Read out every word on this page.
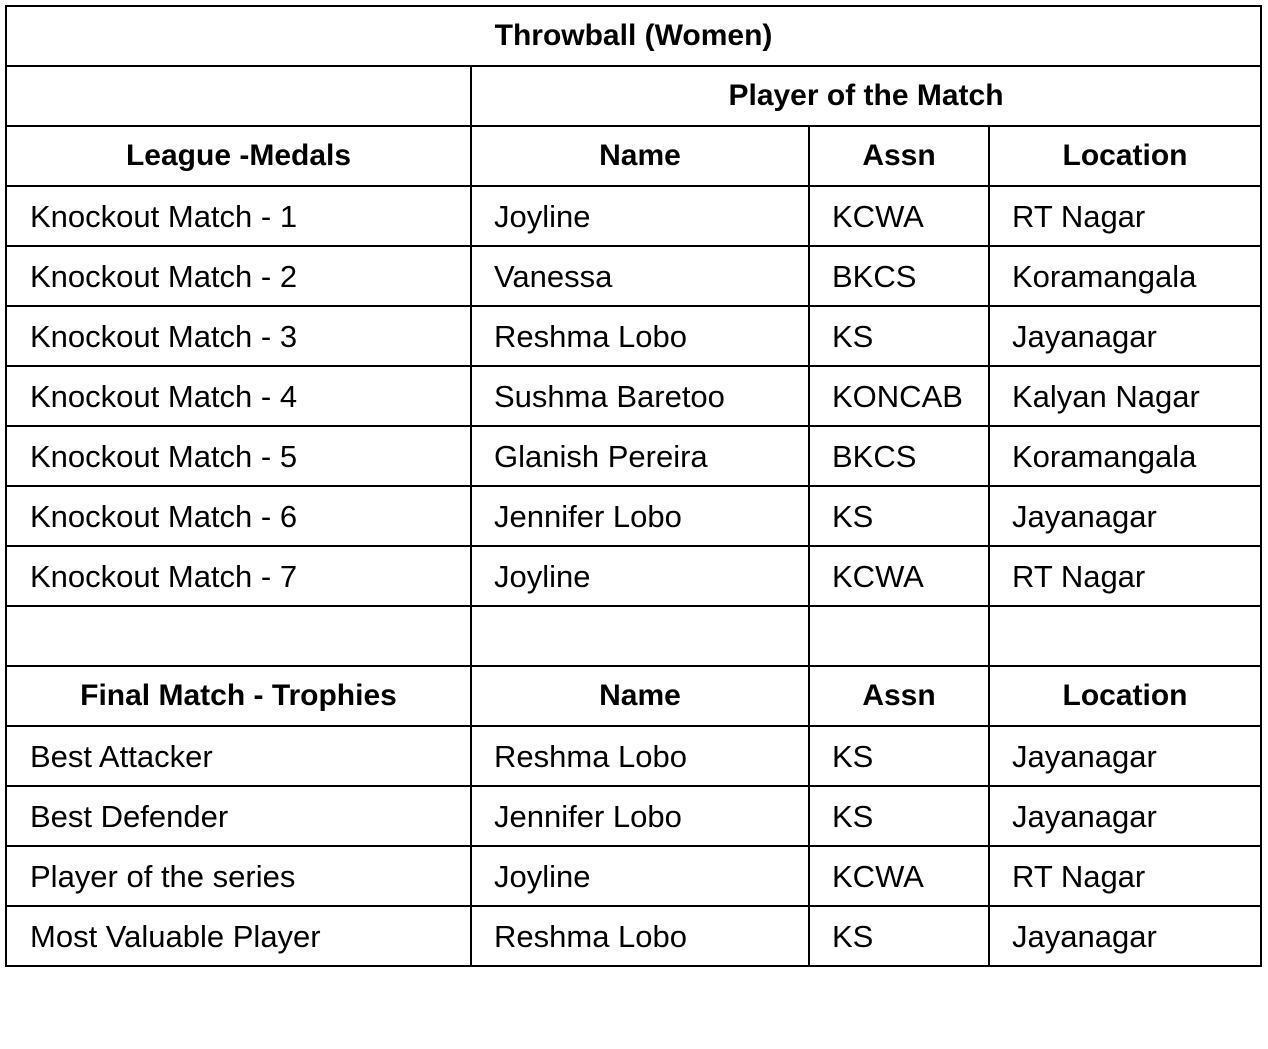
Throwball (Women)			
	Player of the Match		
League -Medals	Name	Assn	Location
Knockout Match - 1	Joyline	KCWA	RT Nagar
Knockout Match - 2	Vanessa	BKCS	Koramangala
Knockout Match - 3	Reshma Lobo	KS	Jayanagar
Knockout Match - 4	Sushma Baretoo	KONCAB	Kalyan Nagar
Knockout Match - 5	Glanish Pereira	BKCS	Koramangala
Knockout Match - 6	Jennifer Lobo	KS	Jayanagar
Knockout Match - 7	Joyline	KCWA	RT Nagar

Final Match - Trophies	Name	Assn	Location
Best Attacker	Reshma Lobo	KS	Jayanagar
Best Defender	Jennifer Lobo	KS	Jayanagar
Player of the series	Joyline	KCWA	RT Nagar
Most Valuable Player	Reshma Lobo	KS	Jayanagar
